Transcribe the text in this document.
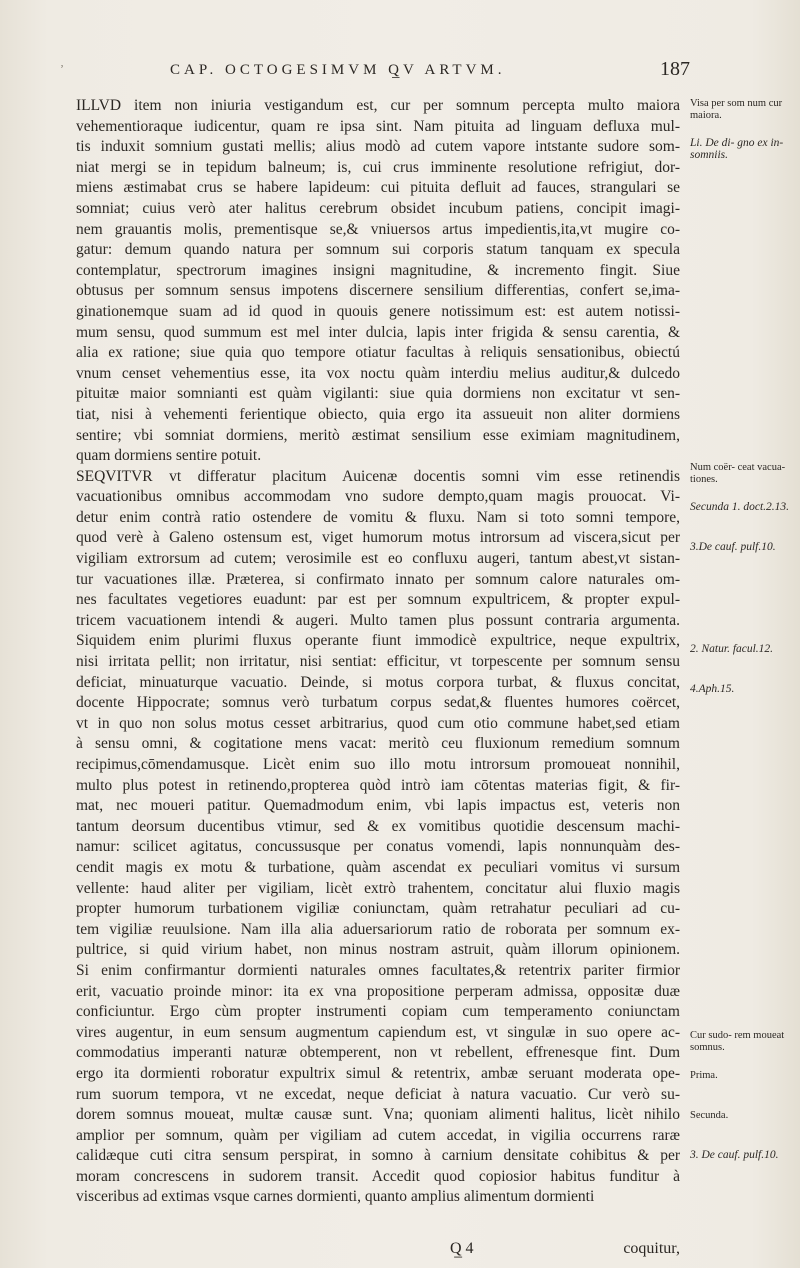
ʼ	CAP. OCTOGESIMVM Q̲V ARTVM.	187
ILLVD item non iniuria vestigandum est, cur per somnum percepta multo maiora
vehementioraque iudicentur, quam re ipsa sint. Nam pituita ad linguam defluxa mul-
tis induxit somnium gustati mellis; alius modò ad cutem vapore intstante sudore som-
niat mergi se in tepidum balneum; is, cui crus imminente resolutione refrigiut, dor-
miens æstimabat crus se habere lapideum: cui pituita defluit ad fauces, strangulari se
somniat; cuius verò ater halitus cerebrum obsidet incubum patiens, concipit imagi-
nem grauantis molis, prementisque se,& vniuersos artus impedientis,ita,vt mugire co-
gatur: demum quando natura per somnum sui corporis statum tanquam ex specula
contemplatur, spectrorum imagines insigni magnitudine, & incremento fingit. Siue
obtusus per somnum sensus impotens discernere sensilium differentias, confert se,ima-
ginationemque suam ad id quod in quouis genere notissimum est: est autem notissi-
mum sensu, quod summum est mel inter dulcia, lapis inter frigida & sensu carentia, &
alia ex ratione; siue quia quo tempore otiatur facultas à reliquis sensationibus, obiectú
vnum censet vehementius esse, ita vox noctu quàm interdiu melius auditur,& dulcedo
pituitæ maior somnianti est quàm vigilanti: siue quia dormiens non excitatur vt sen-
tiat, nisi à vehementi ferientique obiecto, quia ergo ita assueuit non aliter dormiens
sentire; vbi somniat dormiens, meritò æstimat sensilium esse eximiam magnitudinem,
quam dormiens sentire potuit.
SEQVITVR vt differatur placitum Auicenæ docentis somni vim esse retinendis
vacuationibus omnibus accommodam vno sudore dempto,quam magis prouocat. Vi-
detur enim contrà ratio ostendere de vomitu & fluxu. Nam si toto somni tempore,
quod verè à Galeno ostensum est, viget humorum motus introrsum ad viscera,sicut per
vigiliam extrorsum ad cutem; verosimile est eo confluxu augeri, tantum abest,vt sistan-
tur vacuationes illæ. Præterea, si confirmato innato per somnum calore naturales om-
nes facultates vegetiores euadunt: par est per somnum expultricem, & propter expul-
tricem vacuationem intendi & augeri. Multo tamen plus possunt contraria argumenta.
Siquidem enim plurimi fluxus operante fiunt immodicè expultrice, neque expultrix,
nisi irritata pellit; non irritatur, nisi sentiat: efficitur, vt torpescente per somnum sensu
deficiat, minuaturque vacuatio. Deinde, si motus corpora turbat, & fluxus concitat,
docente Hippocrate; somnus verò turbatum corpus sedat,& fluentes humores coërcet,
vt in quo non solus motus cesset arbitrarius, quod cum otio commune habet,sed etiam
à sensu omni, & cogitatione mens vacat: meritò ceu fluxionum remedium somnum
recipimus,cōmendamusque. Licèt enim suo illo motu introrsum promoueat nonnihil,
multo plus potest in retinendo,propterea quòd intrò iam cōtentas materias figit, & fir-
mat, nec moueri patitur. Quemadmodum enim, vbi lapis impactus est, veteris non
tantum deorsum ducentibus vtimur, sed & ex vomitibus quotidie descensum machi-
namur: scilicet agitatus, concussusque per conatus vomendi, lapis nonnunquàm des-
cendit magis ex motu & turbatione, quàm ascendat ex peculiari vomitus vi sursum
vellente: haud aliter per vigiliam, licèt extrò trahentem, concitatur alui fluxio magis
propter humorum turbationem vigiliæ coniunctam, quàm retrahatur peculiari ad cu-
tem vigiliæ reuulsione. Nam illa alia aduersariorum ratio de roborata per somnum ex-
pultrice, si quid virium habet, non minus nostram astruit, quàm illorum opinionem.
Si enim confirmantur dormienti naturales omnes facultates,& retentrix pariter firmior
erit, vacuatio proinde minor: ita ex vna propositione perperam admissa, oppositæ duæ
conficiuntur. Ergo cùm propter instrumenti copiam cum temperamento coniunctam
vires augentur, in eum sensum augmentum capiendum est, vt singulæ in suo opere ac-
commodatius imperanti naturæ obtemperent, non vt rebellent, effrenesque fint. Dum
ergo ita dormienti roboratur expultrix simul & retentrix, ambæ seruant moderata ope-
rum suorum tempora, vt ne excedat, neque deficiat à natura vacuatio. Cur verò su-
dorem somnus moueat, multæ causæ sunt. Vna; quoniam alimenti halitus, licèt nihilo
amplior per somnum, quàm per vigiliam ad cutem accedat, in vigilia occurrens raræ
calidæque cuti citra sensum perspirat, in somno à carnium densitate cohibitus & per
moram concrescens in sudorem transit. Accedit quod copiosior habitus funditur à
visceribus ad extimas vsque carnes dormienti, quanto amplius alimentum dormienti
Visa per som num cur maiora.
Li. De di- gno ex in- somniis.
Num coër- ceat vacua- tiones.
Secunda 1. doct.2.13.
3.De cauf. pulf.10.
2. Natur. facul.12.
4.Aph.15.
Cur sudo- rem moueat somnus.
Prima.
Secunda.
3. De cauf. pulf.10.
Q̲ 4	coquitur,
